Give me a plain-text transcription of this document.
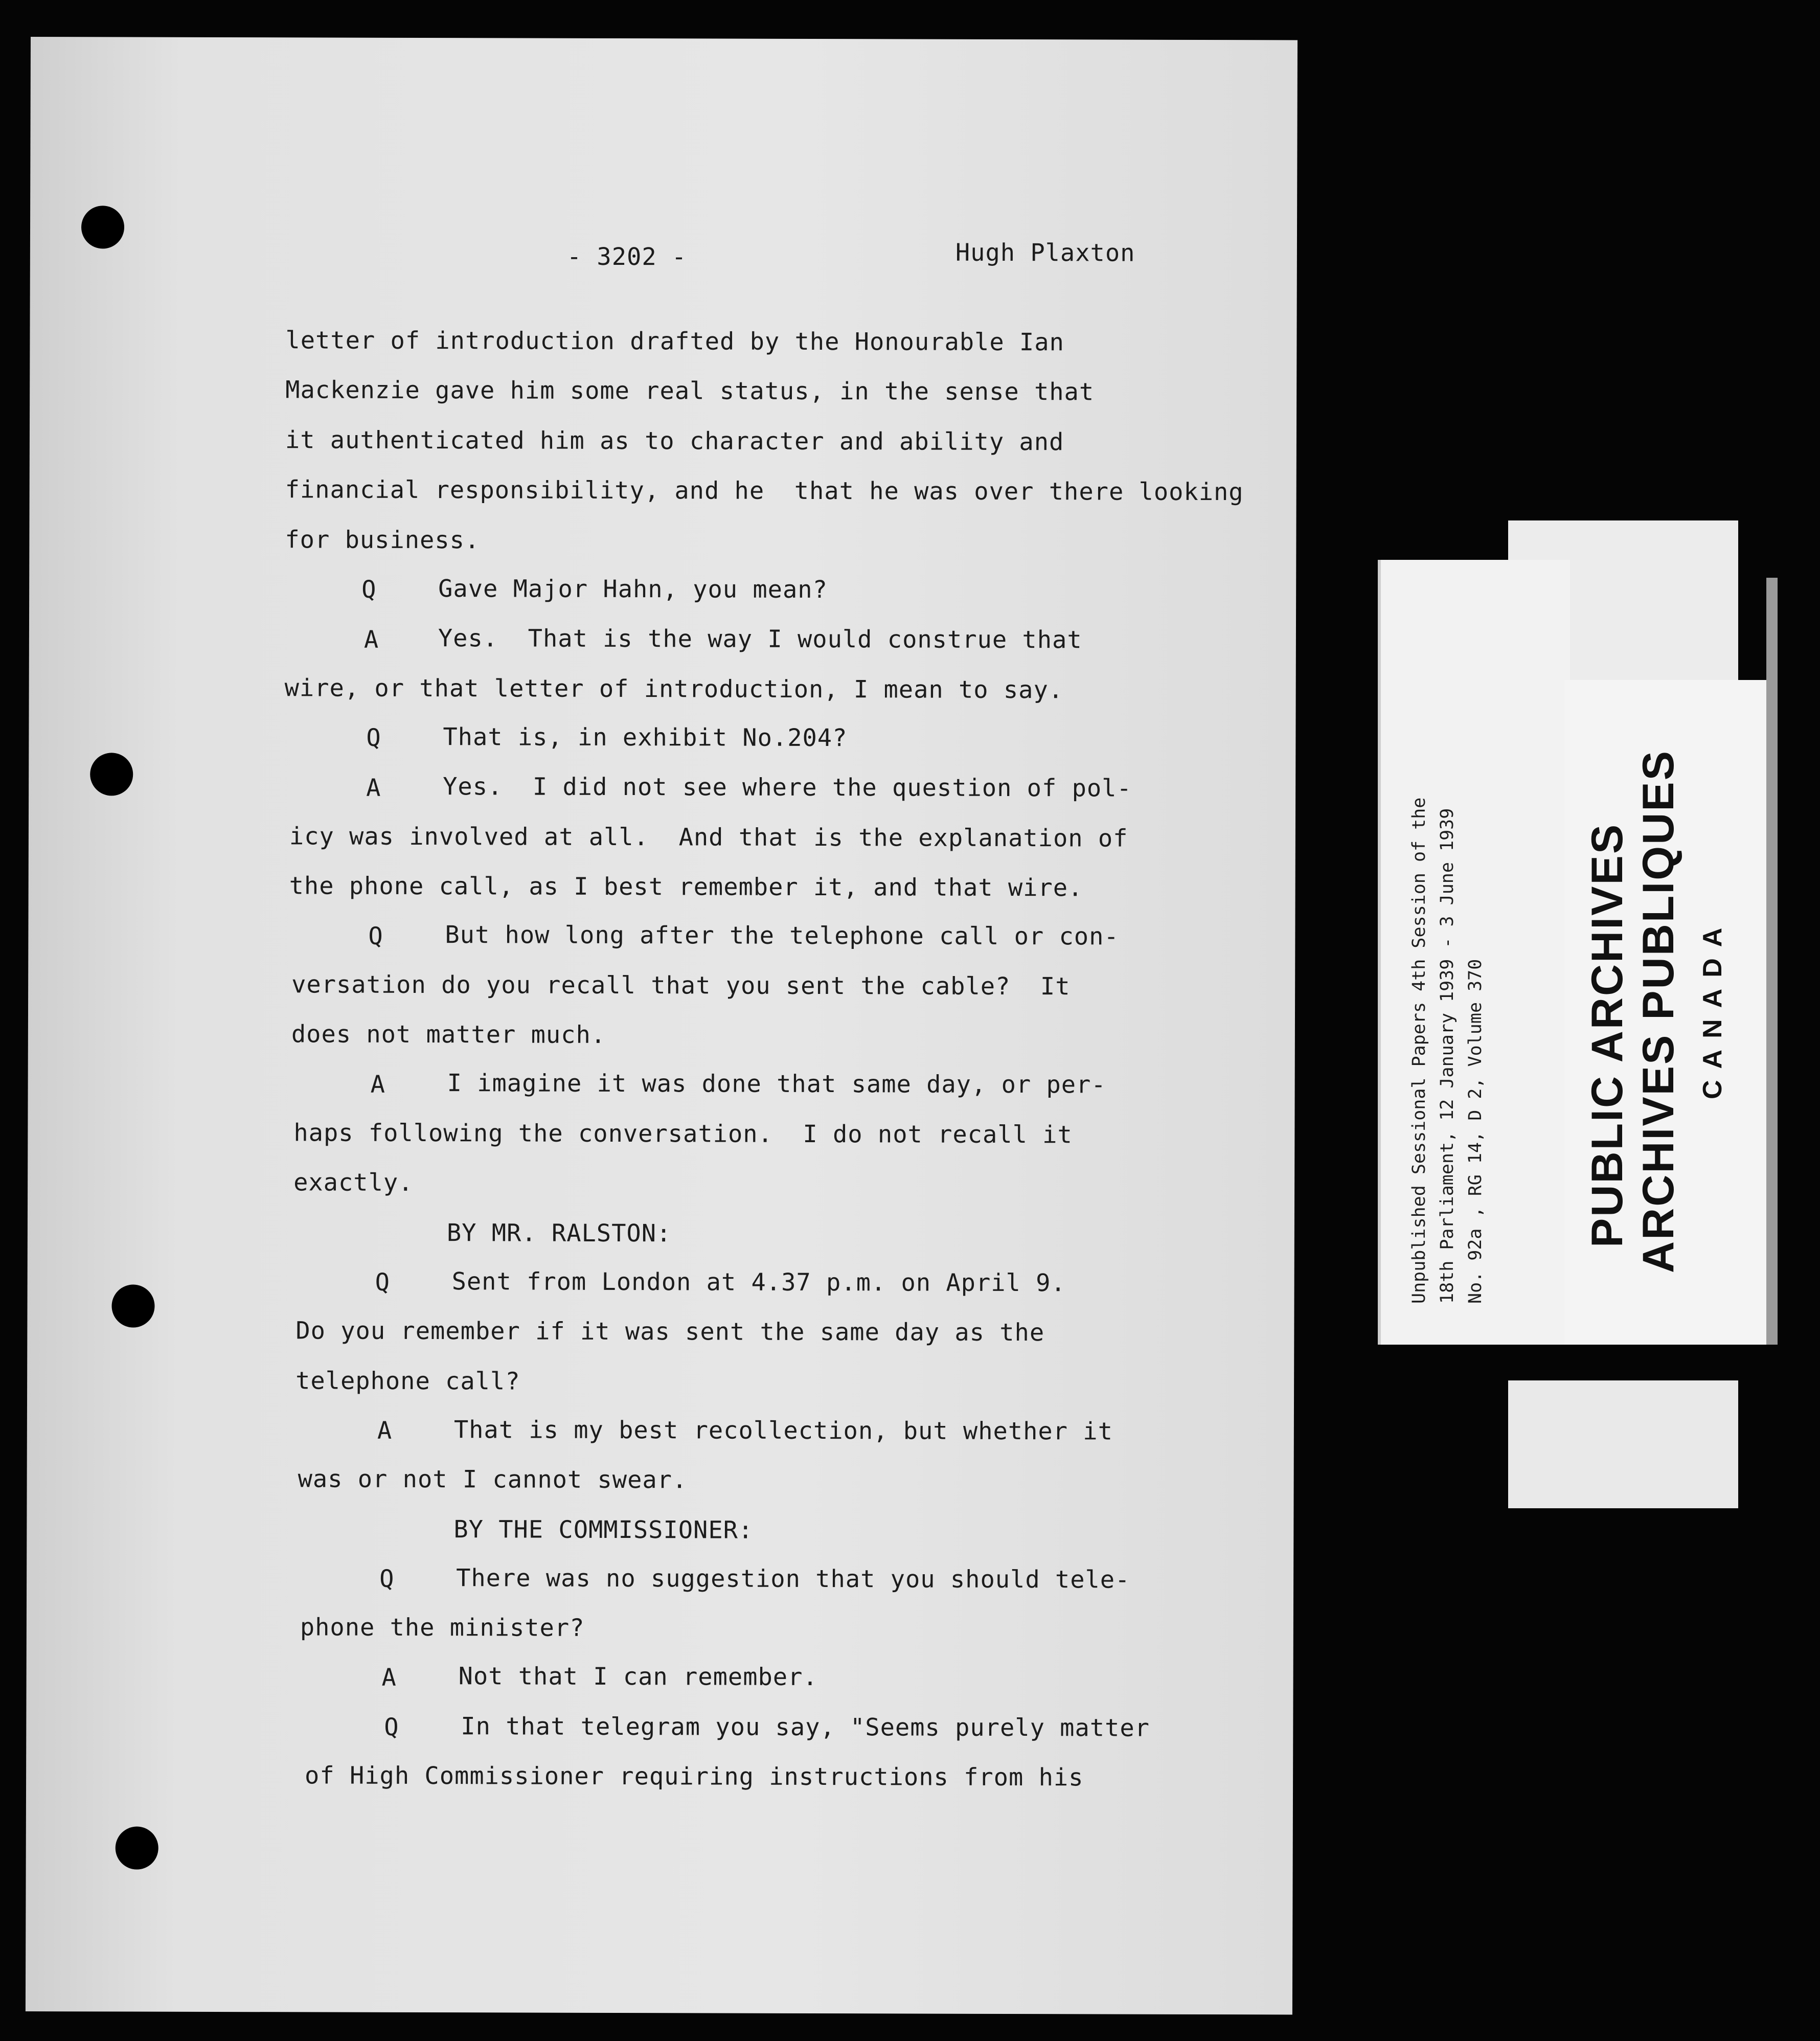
- 3202 -	Hugh Plaxton
letter of introduction drafted by the Honourable Ian
Mackenzie gave him some real status, in the sense that
it authenticated him as to character and ability and
financial responsibility, and he  that he was over there looking
for business.
Q	Gave Major Hahn, you mean?
A Yes.  That is the way I would construe that
wire, or that letter of introduction, I mean to say.
Q	That is, in exhibit No.204?
A	Yes.  I did not see where the question of pol-
icy was involved at all.  And that is the explanation of
the phone call, as I best remember it, and that wire.
Q	But how long after the telephone call or con-
versation do you recall that you sent the cable?  It
does not matter much.
A	I imagine it was done that same day, or per-
haps following the conversation.  I do not recall it
exactly.
BY MR. RALSTON:
Q	Sent from London at 4.37 p.m. on April 9.
Do you remember if it was sent the same day as the
telephone call?
A	That is my best recollection, but whether it
was or not I cannot swear.
BY THE COMMISSIONER:
Q	There was no suggestion that you should tele-
phone the minister?
A	Not that I can remember.
Q	In that telegram you say, "Seems purely matter
of High Commissioner requiring instructions from his
Unpublished Sessional Papers 4th Session of the 18th Parliament, 12 January 1939 - 3 June 1939 No. 92a , RG 14, D 2, Volume 370 PUBLIC ARCHIVES ARCHIVES PUBLIQUES CANADA
